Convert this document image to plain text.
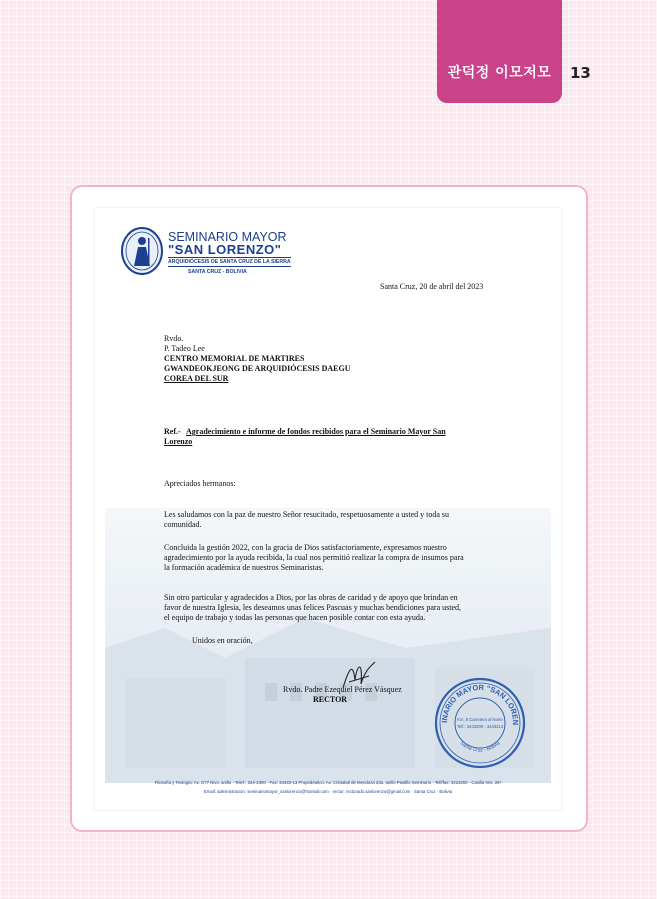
관덕정 이모저모	13
SEMINARIO MAYOR
"SAN LORENZO"
ARQUIDIÓCESIS DE SANTA CRUZ DE LA SIERRA
SANTA CRUZ - BOLIVIA

Santa Cruz, 20 de abril del 2023

Rvdo.

P. Tadeo Lee

CENTRO MEMORIAL DE MARTIRES

GWANDEOKJEONG DE ARQUIDIÓCESIS DAEGU

COREA DEL SUR

Ref.- Agradecimiento e informe de fondos recibidos para el Seminario Mayor San

Lorenzo

Apreciados hermanos:

Les saludamos con la paz de nuestro Señor resucitado, respetuosamente a usted y toda su

comunidad.

Concluida la gestión 2022, con la gracia de Dios satisfactoriamente, expresamos nuestro

agradecimiento por la ayuda recibida, la cual nos permitió realizar la compra de insumos para

la formación académica de nuestros Seminaristas.

Sin otro particular y agradecidos a Dios, por las obras de caridad y de apoyo que brindan en

favor de nuestra Iglesia, les deseamos unas felices Pascuas y muchas bendiciones para usted,

el equipo de trabajo y todas las personas que hacen posible contar con esta ayuda.

Unidos en oración,

Rvdo. Padre Ezequiel Pérez Vásquez

RECTOR

INARIO MAYOR "SAN LOREN
Km. 8 Carretera al Norte
Telf.: 3443300 - 3443313
Santa Cruz - Bolivia
Filosofía y Teología: Av. G77 Nivo. anillo · Telef.: 344-3300 · Fax: 34433-13 Propedéutico: Av. Cristobal de Mendoza 2do. anillo Pastillo Seminario · Telf/fax: 3423200 · Casilla Nro. 25*
Email: administracion: seminariomayor_sanlorenzo@hotmail.com · rector: rectorado.sanlorenzo@gmail.com · Santa Cruz · Bolivia
